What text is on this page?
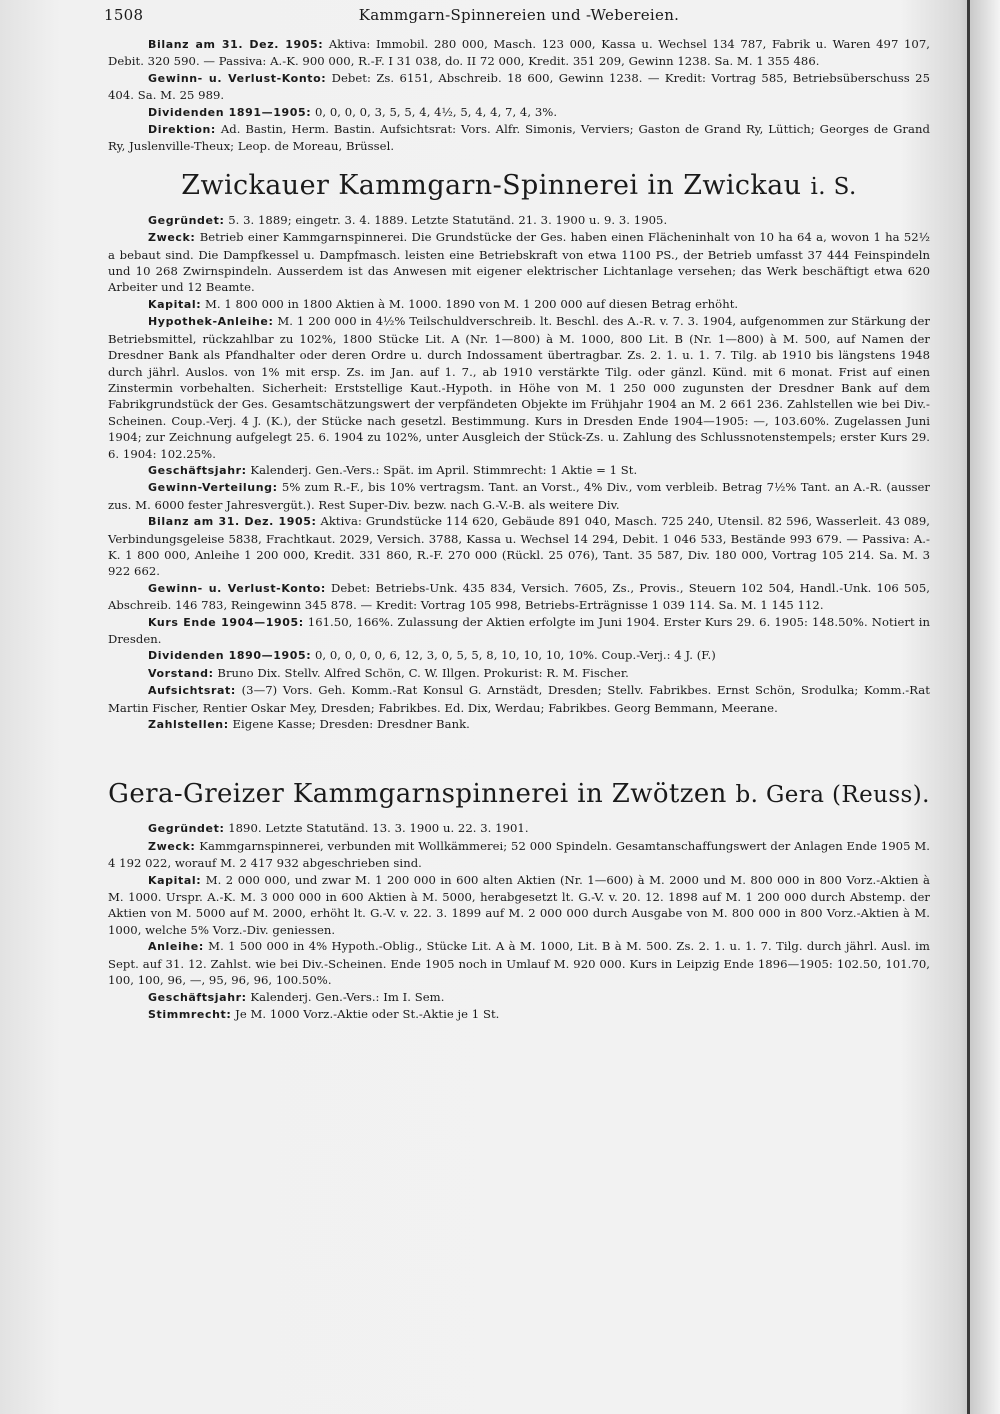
Kammgarn-Spinnereien und -Webereien.
1508

Bilanz am 31. Dez. 1905: Aktiva: Immobil. 280 000, Masch. 123 000, Kassa u. Wechsel 134 787, Fabrik u. Waren 497 107, Debit. 320 590. — Passiva: A.-K. 900 000, R.-F. I 31 038, do. II 72 000, Kredit. 351 209, Gewinn 1238. Sa. M. 1 355 486.

Gewinn- u. Verlust-Konto: Debet: Zs. 6151, Abschreib. 18 600, Gewinn 1238. — Kredit: Vortrag 585, Betriebsüberschuss 25 404. Sa. M. 25 989.

Dividenden 1891—1905: 0, 0, 0, 0, 3, 5, 5, 4, 4½, 5, 4, 4, 7, 4, 3%.

Direktion: Ad. Bastin, Herm. Bastin. Aufsichtsrat: Vors. Alfr. Simonis, Verviers; Gaston de Grand Ry, Lüttich; Georges de Grand Ry, Juslenville-Theux; Leop. de Moreau, Brüssel.

Zwickauer Kammgarn-Spinnerei in Zwickau i. S.

Gegründet: 5. 3. 1889; eingetr. 3. 4. 1889. Letzte Statutänd. 21. 3. 1900 u. 9. 3. 1905.

Zweck: Betrieb einer Kammgarnspinnerei. Die Grundstücke der Ges. haben einen Flächeninhalt von 10 ha 64 a, wovon 1 ha 52½ a bebaut sind. Die Dampfkessel u. Dampfmasch. leisten eine Betriebskraft von etwa 1100 PS., der Betrieb umfasst 37 444 Feinspindeln und 10 268 Zwirnspindeln. Ausserdem ist das Anwesen mit eigener elektrischer Lichtanlage versehen; das Werk beschäftigt etwa 620 Arbeiter und 12 Beamte.

Kapital: M. 1 800 000 in 1800 Aktien à M. 1000. 1890 von M. 1 200 000 auf diesen Betrag erhöht.

Hypothek-Anleihe: M. 1 200 000 in 4½% Teilschuldverschreib. lt. Beschl. des A.-R. v. 7. 3. 1904, aufgenommen zur Stärkung der Betriebsmittel, rückzahlbar zu 102%, 1800 Stücke Lit. A (Nr. 1—800) à M. 1000, 800 Lit. B (Nr. 1—800) à M. 500, auf Namen der Dresdner Bank als Pfandhalter oder deren Ordre u. durch Indossament übertragbar. Zs. 2. 1. u. 1. 7. Tilg. ab 1910 bis längstens 1948 durch jährl. Auslos. von 1% mit ersp. Zs. im Jan. auf 1. 7., ab 1910 verstärkte Tilg. oder gänzl. Künd. mit 6 monat. Frist auf einen Zinstermin vorbehalten. Sicherheit: Erststellige Kaut.-Hypoth. in Höhe von M. 1 250 000 zugunsten der Dresdner Bank auf dem Fabrikgrundstück der Ges. Gesamtschätzungswert der verpfändeten Objekte im Frühjahr 1904 an M. 2 661 236. Zahlstellen wie bei Div.-Scheinen. Coup.-Verj. 4 J. (K.), der Stücke nach gesetzl. Bestimmung. Kurs in Dresden Ende 1904—1905: —, 103.60%. Zugelassen Juni 1904; zur Zeichnung aufgelegt 25. 6. 1904 zu 102%, unter Ausgleich der Stück-Zs. u. Zahlung des Schlussnotenstempels; erster Kurs 29. 6. 1904: 102.25%.

Geschäftsjahr: Kalenderj. Gen.-Vers.: Spät. im April. Stimmrecht: 1 Aktie = 1 St.

Gewinn-Verteilung: 5% zum R.-F., bis 10% vertragsm. Tant. an Vorst., 4% Div., vom verbleib. Betrag 7½% Tant. an A.-R. (ausser zus. M. 6000 fester Jahresvergüt.). Rest Super-Div. bezw. nach G.-V.-B. als weitere Div.

Bilanz am 31. Dez. 1905: Aktiva: Grundstücke 114 620, Gebäude 891 040, Masch. 725 240, Utensil. 82 596, Wasserleit. 43 089, Verbindungsgeleise 5838, Frachtkaut. 2029, Versich. 3788, Kassa u. Wechsel 14 294, Debit. 1 046 533, Bestände 993 679. — Passiva: A.-K. 1 800 000, Anleihe 1 200 000, Kredit. 331 860, R.-F. 270 000 (Rückl. 25 076), Tant. 35 587, Div. 180 000, Vortrag 105 214. Sa. M. 3 922 662.

Gewinn- u. Verlust-Konto: Debet: Betriebs-Unk. 435 834, Versich. 7605, Zs., Provis., Steuern 102 504, Handl.-Unk. 106 505, Abschreib. 146 783, Reingewinn 345 878. — Kredit: Vortrag 105 998, Betriebs-Erträgnisse 1 039 114. Sa. M. 1 145 112.

Kurs Ende 1904—1905: 161.50, 166%. Zulassung der Aktien erfolgte im Juni 1904. Erster Kurs 29. 6. 1905: 148.50%. Notiert in Dresden.

Dividenden 1890—1905: 0, 0, 0, 0, 0, 6, 12, 3, 0, 5, 5, 8, 10, 10, 10, 10%. Coup.-Verj.: 4 J. (F.)

Vorstand: Bruno Dix. Stellv. Alfred Schön, C. W. Illgen. Prokurist: R. M. Fischer.

Aufsichtsrat: (3—7) Vors. Geh. Komm.-Rat Konsul G. Arnstädt, Dresden; Stellv. Fabrikbes. Ernst Schön, Srodulka; Komm.-Rat Martin Fischer, Rentier Oskar Mey, Dresden; Fabrikbes. Ed. Dix, Werdau; Fabrikbes. Georg Bemmann, Meerane.

Zahlstellen: Eigene Kasse; Dresden: Dresdner Bank.

Gera-Greizer Kammgarnspinnerei in Zwötzen b. Gera (Reuss).

Gegründet: 1890. Letzte Statutänd. 13. 3. 1900 u. 22. 3. 1901.

Zweck: Kammgarnspinnerei, verbunden mit Wollkämmerei; 52 000 Spindeln. Gesamtanschaffungswert der Anlagen Ende 1905 M. 4 192 022, worauf M. 2 417 932 abgeschrieben sind.

Kapital: M. 2 000 000, und zwar M. 1 200 000 in 600 alten Aktien (Nr. 1—600) à M. 2000 und M. 800 000 in 800 Vorz.-Aktien à M. 1000. Urspr. A.-K. M. 3 000 000 in 600 Aktien à M. 5000, herabgesetzt lt. G.-V. v. 20. 12. 1898 auf M. 1 200 000 durch Abstemp. der Aktien von M. 5000 auf M. 2000, erhöht lt. G.-V. v. 22. 3. 1899 auf M. 2 000 000 durch Ausgabe von M. 800 000 in 800 Vorz.-Aktien à M. 1000, welche 5% Vorz.-Div. geniessen.

Anleihe: M. 1 500 000 in 4% Hypoth.-Oblig., Stücke Lit. A à M. 1000, Lit. B à M. 500. Zs. 2. 1. u. 1. 7. Tilg. durch jährl. Ausl. im Sept. auf 31. 12. Zahlst. wie bei Div.-Scheinen. Ende 1905 noch in Umlauf M. 920 000. Kurs in Leipzig Ende 1896—1905: 102.50, 101.70, 100, 100, 96, —, 95, 96, 96, 100.50%.

Geschäftsjahr: Kalenderj. Gen.-Vers.: Im I. Sem.

Stimmrecht: Je M. 1000 Vorz.-Aktie oder St.-Aktie je 1 St.
